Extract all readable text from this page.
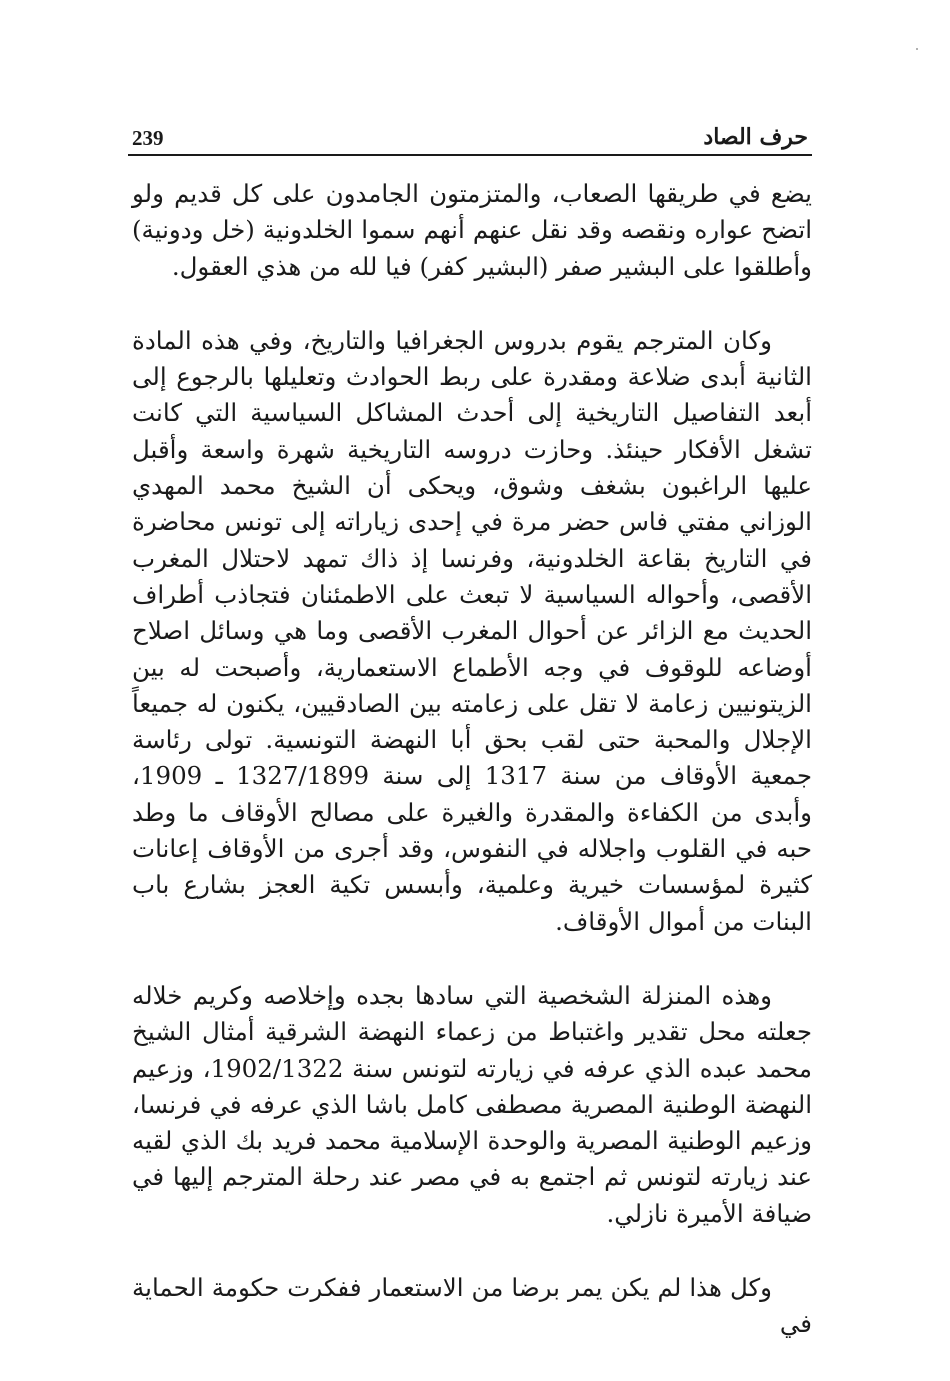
239	حرف الصاد

يضع في طريقها الصعاب، والمتزمتون الجامدون على كل قديم ولو اتضح عواره ونقصه وقد نقل عنهم أنهم سموا الخلدونية (خل ودونية) وأطلقوا على البشير صفر (البشير كفر) فيا لله من هذي العقول.

وكان المترجم يقوم بدروس الجغرافيا والتاريخ، وفي هذه المادة الثانية أبدى ضلاعة ومقدرة على ربط الحوادث وتعليلها بالرجوع إلى أبعد التفاصيل التاريخية إلى أحدث المشاكل السياسية التي كانت تشغل الأفكار حينئذ. وحازت دروسه التاريخية شهرة واسعة وأقبل عليها الراغبون بشغف وشوق، ويحكى أن الشيخ محمد المهدي الوزاني مفتي فاس حضر مرة في إحدى زياراته إلى تونس محاضرة في التاريخ بقاعة الخلدونية، وفرنسا إذ ذاك تمهد لاحتلال المغرب الأقصى، وأحواله السياسية لا تبعث على الاطمئنان فتجاذب أطراف الحديث مع الزائر عن أحوال المغرب الأقصى وما هي وسائل اصلاح أوضاعه للوقوف في وجه الأطماع الاستعمارية، وأصبحت له بين الزيتونيين زعامة لا تقل على زعامته بين الصادقيين، يكنون له جميعاً الإجلال والمحبة حتى لقب بحق أبا النهضة التونسية. تولى رئاسة جمعية الأوقاف من سنة 1317 إلى سنة 1327/1899 ـ 1909، وأبدى من الكفاءة والمقدرة والغيرة على مصالح الأوقاف ما وطد حبه في القلوب واجلاله في النفوس، وقد أجرى من الأوقاف إعانات كثيرة لمؤسسات خيرية وعلمية، وأبسس تكية العجز بشارع باب البنات من أموال الأوقاف.

وهذه المنزلة الشخصية التي سادها بجده وإخلاصه وكريم خلاله جعلته محل تقدير واغتباط من زعماء النهضة الشرقية أمثال الشيخ محمد عبده الذي عرفه في زيارته لتونس سنة 1902/1322، وزعيم النهضة الوطنية المصرية مصطفى كامل باشا الذي عرفه في فرنسا، وزعيم الوطنية المصرية والوحدة الإسلامية محمد فريد بك الذي لقيه عند زيارته لتونس ثم اجتمع به في مصر عند رحلة المترجم إليها في ضيافة الأميرة نازلي.

وكل هذا لم يكن يمر برضا من الاستعمار ففكرت حكومة الحماية في
